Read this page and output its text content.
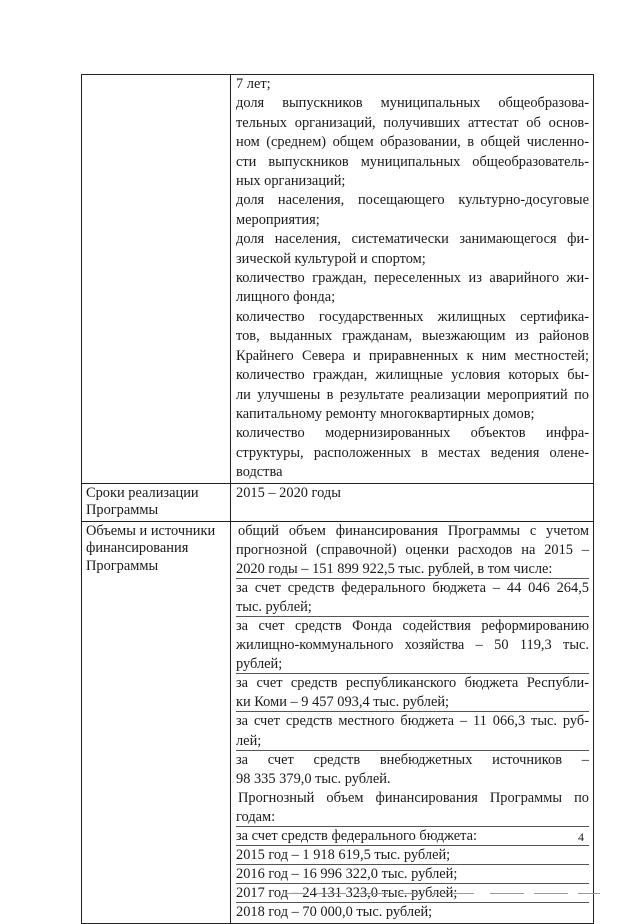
7 лет;
доля выпускников муниципальных общеобразова-
тельных организаций, получивших аттестат об основ-
ном (среднем) общем образовании, в общей численно-
сти выпускников муниципальных общеобразователь-
ных организаций;
доля населения, посещающего культурно-досуговые
мероприятия;
доля населения, систематически занимающегося фи-
зической культурой и спортом;
количество граждан, переселенных из аварийного жи-
лищного фонда;
количество государственных жилищных сертифика-
тов, выданных гражданам, выезжающим из районов
Крайнего Севера и приравненных к ним местностей;
количество граждан, жилищные условия которых бы-
ли улучшены в результате реализации мероприятий по
капитальному ремонту многоквартирных домов;
количество модернизированных объектов инфра-
структуры, расположенных в местах ведения олене-
водства
Сроки реализации
Программы
2015 – 2020 годы
Объемы и источники
финансирования
Программы
общий объем финансирования Программы с учетом
прогнозной (справочной) оценки расходов на 2015 –
2020 годы – 151 899 922,5 тыс. рублей, в том числе:
за счет средств федерального бюджета – 44 046 264,5
тыс. рублей;
за счет средств Фонда содействия реформированию
жилищно-коммунального хозяйства – 50 119,3 тыс.
рублей;
за счет средств республиканского бюджета Республи-
ки Коми – 9 457 093,4 тыс. рублей;
за счет средств местного бюджета – 11 066,3 тыс. руб-
лей;
за счет средств внебюджетных источников –
98 335 379,0 тыс. рублей.
Прогнозный объем финансирования Программы по
годам:
за счет средств федерального бюджета:
2015 год – 1 918 619,5 тыс. рублей;
2016 год – 16 996 322,0 тыс. рублей;
2017 год – 24 131 323,0 тыс. рублей;
2018 год – 70 000,0 тыс. рублей;
4
